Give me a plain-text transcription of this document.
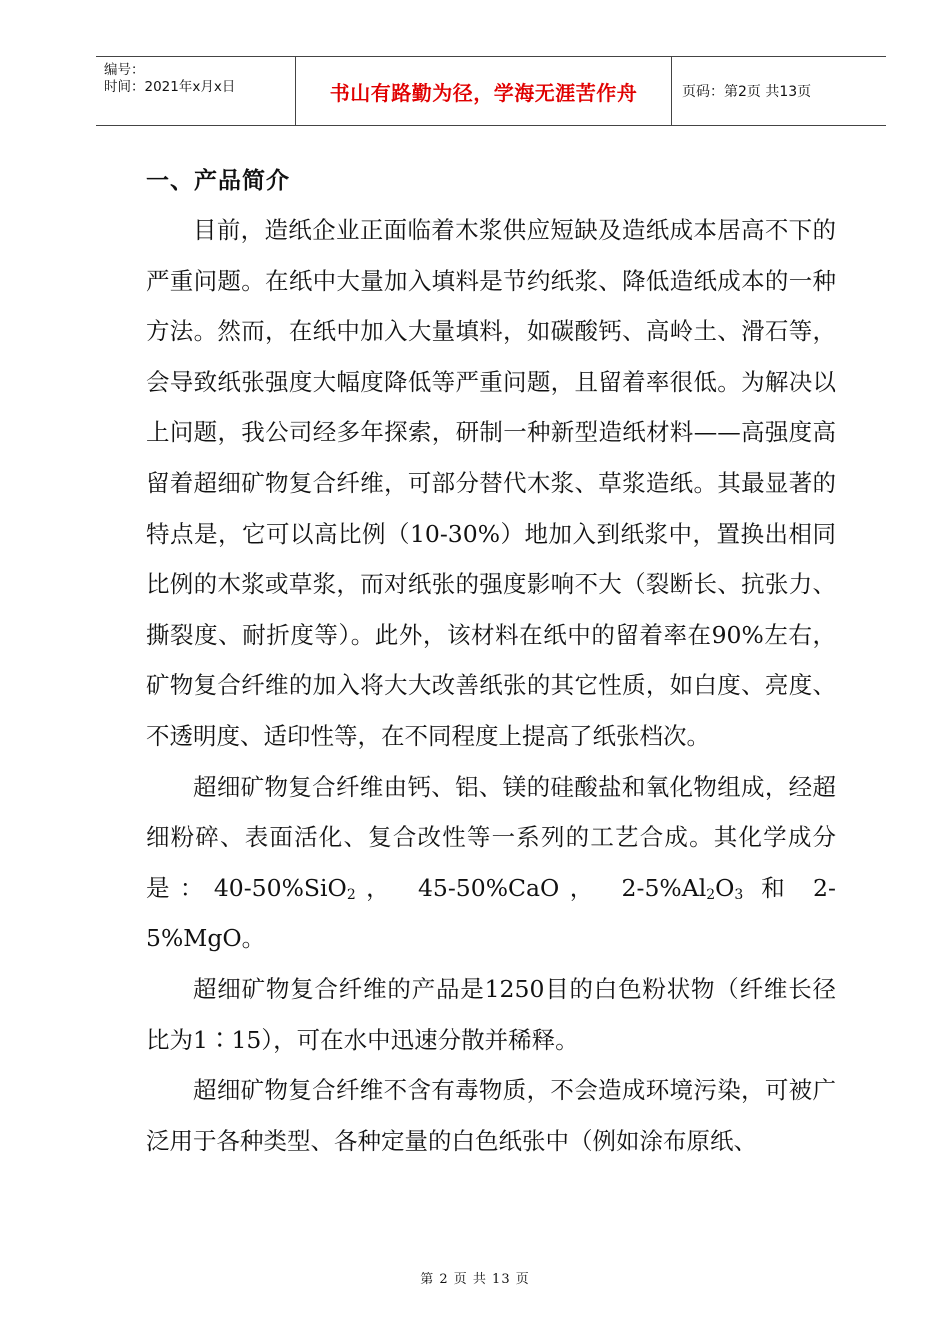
编号：
时间：2021年x月x日	书山有路勤为径，学海无涯苦作舟	页码：第2页 共13页
一、产品简介

目前，造纸企业正面临着木浆供应短缺及造纸成本居高不下的严重问题。在纸中大量加入填料是节约纸浆、降低造纸成本的一种方法。然而，在纸中加入大量填料，如碳酸钙、高岭土、滑石等，会导致纸张强度大幅度降低等严重问题，且留着率很低。为解决以上问题，我公司经多年探索，研制一种新型造纸材料——高强度高留着超细矿物复合纤维，可部分替代木浆、草浆造纸。其最显著的特点是，它可以高比例（10-30%）地加入到纸浆中，置换出相同比例的木浆或草浆，而对纸张的强度影响不大（裂断长、抗张力、撕裂度、耐折度等）。此外，该材料在纸中的留着率在90%左右，矿物复合纤维的加入将大大改善纸张的其它性质，如白度、亮度、不透明度、适印性等，在不同程度上提高了纸张档次。

超细矿物复合纤维由钙、铝、镁的硅酸盐和氧化物组成，经超细粉碎、表面活化、复合改性等一系列的工艺合成。其化学成分是：40-50%SiO$_2$， 45-50%CaO， $2-5\%Al_2O_3$ 和 2-5%MgO。

超细矿物复合纤维的产品是1250目的白色粉状物（纤维长径比为1∶15），可在水中迅速分散并稀释。

超细矿物复合纤维不含有毒物质，不会造成环境污染，可被广泛用于各种类型、各种定量的白色纸张中（例如涂布原纸、

第 2 页 共 13 页
